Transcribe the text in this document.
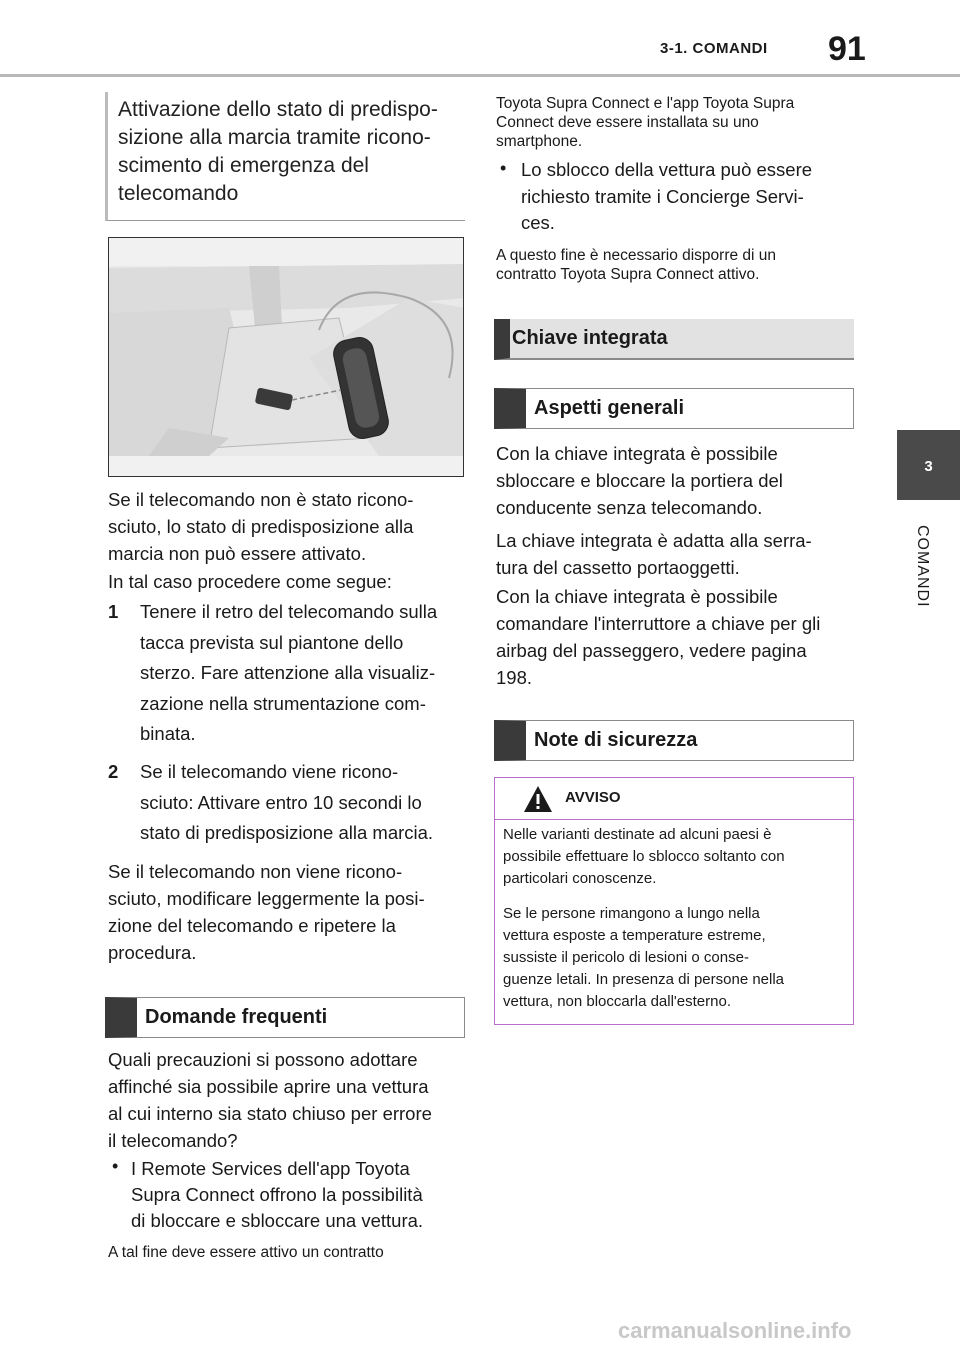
3-1. COMANDI 91
3
COMANDI
Attivazione dello stato di predispo-
sizione alla marcia tramite ricono-
scimento di emergenza del
telecomando
Se il telecomando non è stato ricono-
sciuto, lo stato di predisposizione alla
marcia non può essere attivato.
In tal caso procedere come segue:
1 Tenere il retro del telecomando sulla
tacca prevista sul piantone dello
sterzo. Fare attenzione alla visualiz-
zazione nella strumentazione com-
binata.
2 Se il telecomando viene ricono-
sciuto: Attivare entro 10 secondi lo
stato di predisposizione alla marcia.
Se il telecomando non viene ricono-
sciuto, modificare leggermente la posi-
zione del telecomando e ripetere la
procedura.
Domande frequenti
Quali precauzioni si possono adottare
affinché sia possibile aprire una vettura
al cui interno sia stato chiuso per errore
il telecomando?
• I Remote Services dell'app Toyota
Supra Connect offrono la possibilità
di bloccare e sbloccare una vettura.
A tal fine deve essere attivo un contratto
Toyota Supra Connect e l'app Toyota Supra
Connect deve essere installata su uno
smartphone.
• Lo sblocco della vettura può essere
richiesto tramite i Concierge Servi-
ces.
A questo fine è necessario disporre di un
contratto Toyota Supra Connect attivo.
Chiave integrata
Aspetti generali
Con la chiave integrata è possibile
sbloccare e bloccare la portiera del
conducente senza telecomando.
La chiave integrata è adatta alla serra-
tura del cassetto portaoggetti.
Con la chiave integrata è possibile
comandare l'interruttore a chiave per gli
airbag del passeggero, vedere pagina
198.
Note di sicurezza
AVVISO
Nelle varianti destinate ad alcuni paesi è
possibile effettuare lo sblocco soltanto con
particolari conoscenze.
Se le persone rimangono a lungo nella
vettura esposte a temperature estreme,
sussiste il pericolo di lesioni o conse-
guenze letali. In presenza di persone nella
vettura, non bloccarla dall'esterno.
carmanualsonline.info
